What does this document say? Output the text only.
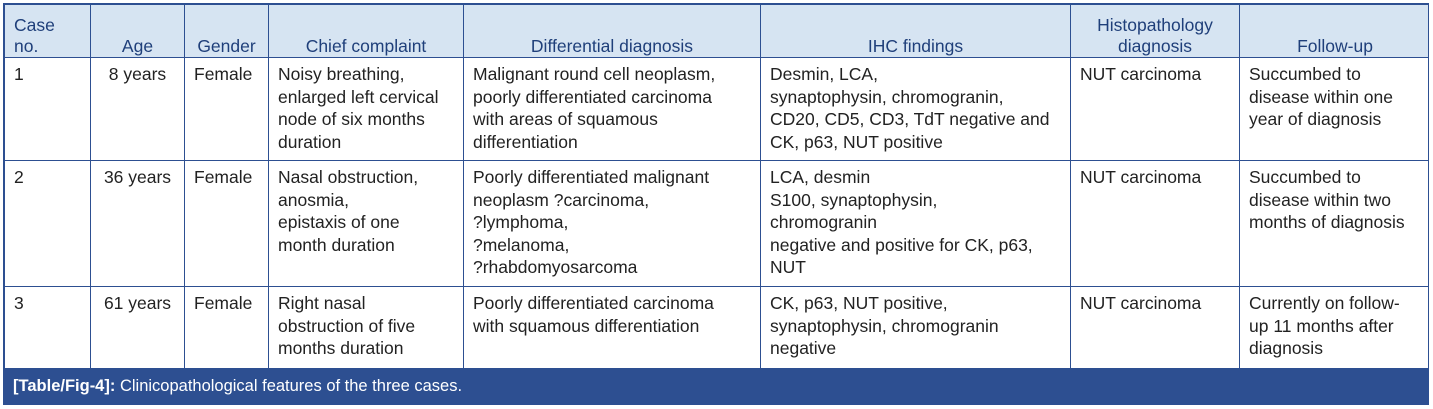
Case
no.	Age	Gender	Chief complaint	Differential diagnosis	IHC findings	Histopathology
diagnosis	Follow-up

1	8 years	Female	Noisy breathing,
enlarged left cervical
node of six months
duration	Malignant round cell neoplasm,
poorly differentiated carcinoma
with areas of squamous
differentiation	Desmin, LCA,
synaptophysin, chromogranin,
CD20, CD5, CD3, TdT negative and
CK, p63, NUT positive	NUT carcinoma	Succumbed to
disease within one
year of diagnosis

2	36 years	Female	Nasal obstruction,
anosmia,
epistaxis of one
month duration	Poorly differentiated malignant
neoplasm ?carcinoma,
?lymphoma,
?melanoma,
?rhabdomyosarcoma	LCA, desmin
S100, synaptophysin,
chromogranin
negative and positive for CK, p63,
NUT	NUT carcinoma	Succumbed to
disease within two
months of diagnosis

3	61 years	Female	Right nasal
obstruction of five
months duration	Poorly differentiated carcinoma
with squamous differentiation	CK, p63, NUT positive,
synaptophysin, chromogranin
negative	NUT carcinoma	Currently on follow-
up 11 months after
diagnosis
[Table/Fig-4]: Clinicopathological features of the three cases.
